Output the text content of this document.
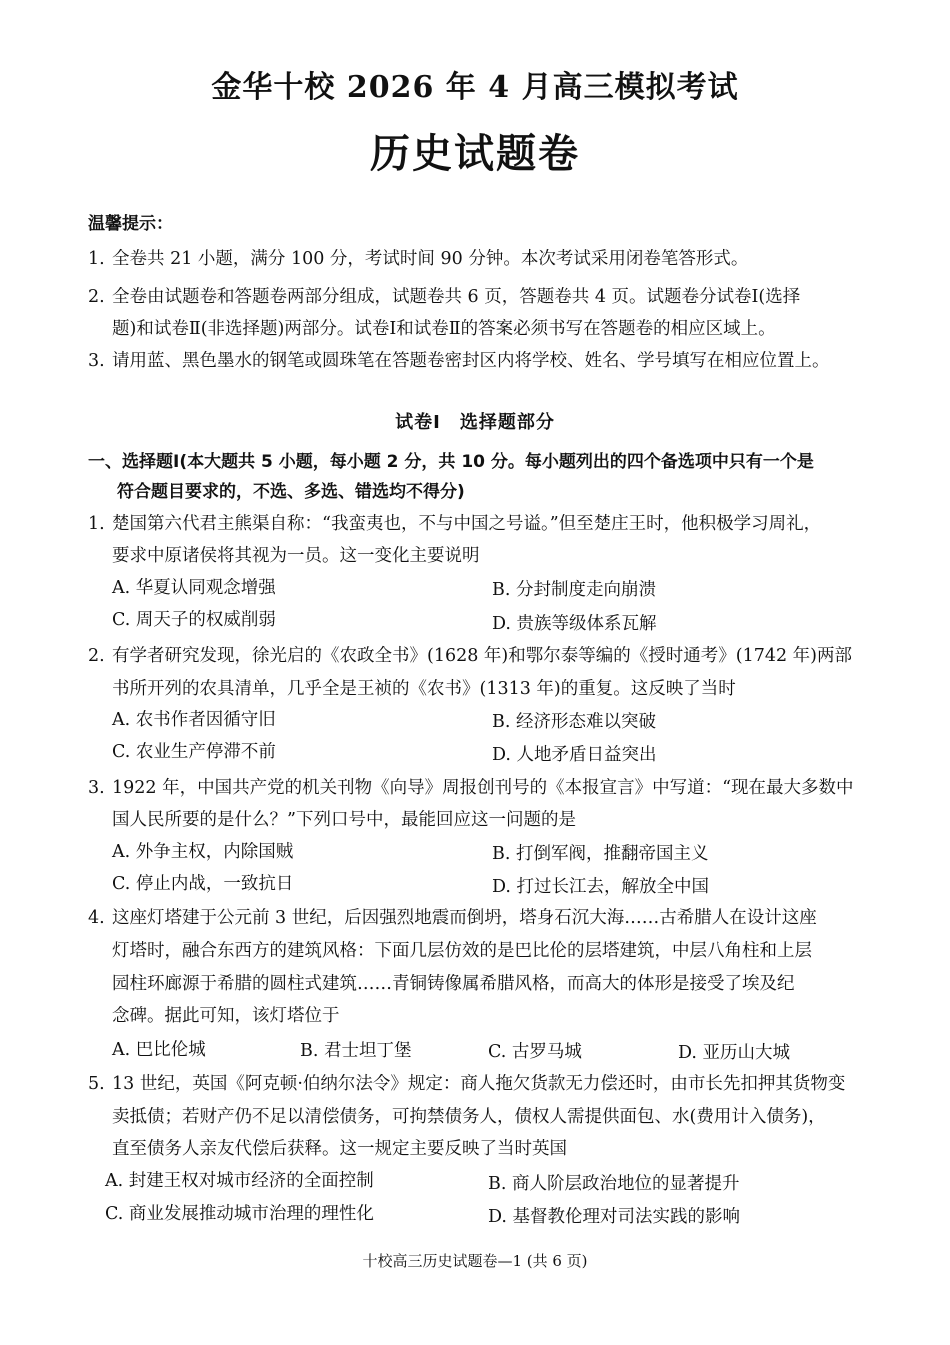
金华十校 2026 年 4 月高三模拟考试
历史试题卷
温馨提示：
1. 全卷共 21 小题，满分 100 分，考试时间 90 分钟。本次考试采用闭卷笔答形式。
2. 全卷由试题卷和答题卷两部分组成，试题卷共 6 页，答题卷共 4 页。试题卷分试卷Ⅰ(选择
题)和试卷Ⅱ(非选择题)两部分。试卷Ⅰ和试卷Ⅱ的答案必须书写在答题卷的相应区域上。
3. 请用蓝、黑色墨水的钢笔或圆珠笔在答题卷密封区内将学校、姓名、学号填写在相应位置上。
试卷Ⅰ　选择题部分
一、选择题Ⅰ(本大题共 5 小题，每小题 2 分，共 10 分。每小题列出的四个备选项中只有一个是
符合题目要求的，不选、多选、错选均不得分)
1. 楚国第六代君主熊渠自称：“我蛮夷也，不与中国之号谥。”但至楚庄王时，他积极学习周礼，
要求中原诸侯将其视为一员。这一变化主要说明
A. 华夏认同观念增强	B. 分封制度走向崩溃
C. 周天子的权威削弱	D. 贵族等级体系瓦解
2. 有学者研究发现，徐光启的《农政全书》(1628 年)和鄂尔泰等编的《授时通考》(1742 年)两部
书所开列的农具清单，几乎全是王祯的《农书》(1313 年)的重复。这反映了当时
A. 农书作者因循守旧	B. 经济形态难以突破
C. 农业生产停滞不前	D. 人地矛盾日益突出
3. 1922 年，中国共产党的机关刊物《向导》周报创刊号的《本报宣言》中写道：“现在最大多数中
国人民所要的是什么？”下列口号中，最能回应这一问题的是
A. 外争主权，内除国贼	B. 打倒军阀，推翻帝国主义
C. 停止内战，一致抗日	D. 打过长江去，解放全中国
4. 这座灯塔建于公元前 3 世纪，后因强烈地震而倒坍，塔身石沉大海……古希腊人在设计这座
灯塔时，融合东西方的建筑风格：下面几层仿效的是巴比伦的层塔建筑，中层八角柱和上层
园柱环廊源于希腊的圆柱式建筑……青铜铸像属希腊风格，而高大的体形是接受了埃及纪
念碑。据此可知，该灯塔位于
A. 巴比伦城	B. 君士坦丁堡	C. 古罗马城	D. 亚历山大城
5. 13 世纪，英国《阿克顿·伯纳尔法令》规定：商人拖欠货款无力偿还时，由市长先扣押其货物变
卖抵债；若财产仍不足以清偿债务，可拘禁债务人，债权人需提供面包、水(费用计入债务)，
直至债务人亲友代偿后获释。这一规定主要反映了当时英国
A. 封建王权对城市经济的全面控制	B. 商人阶层政治地位的显著提升
C. 商业发展推动城市治理的理性化	D. 基督教伦理对司法实践的影响
十校高三历史试题卷—1 (共 6 页)
